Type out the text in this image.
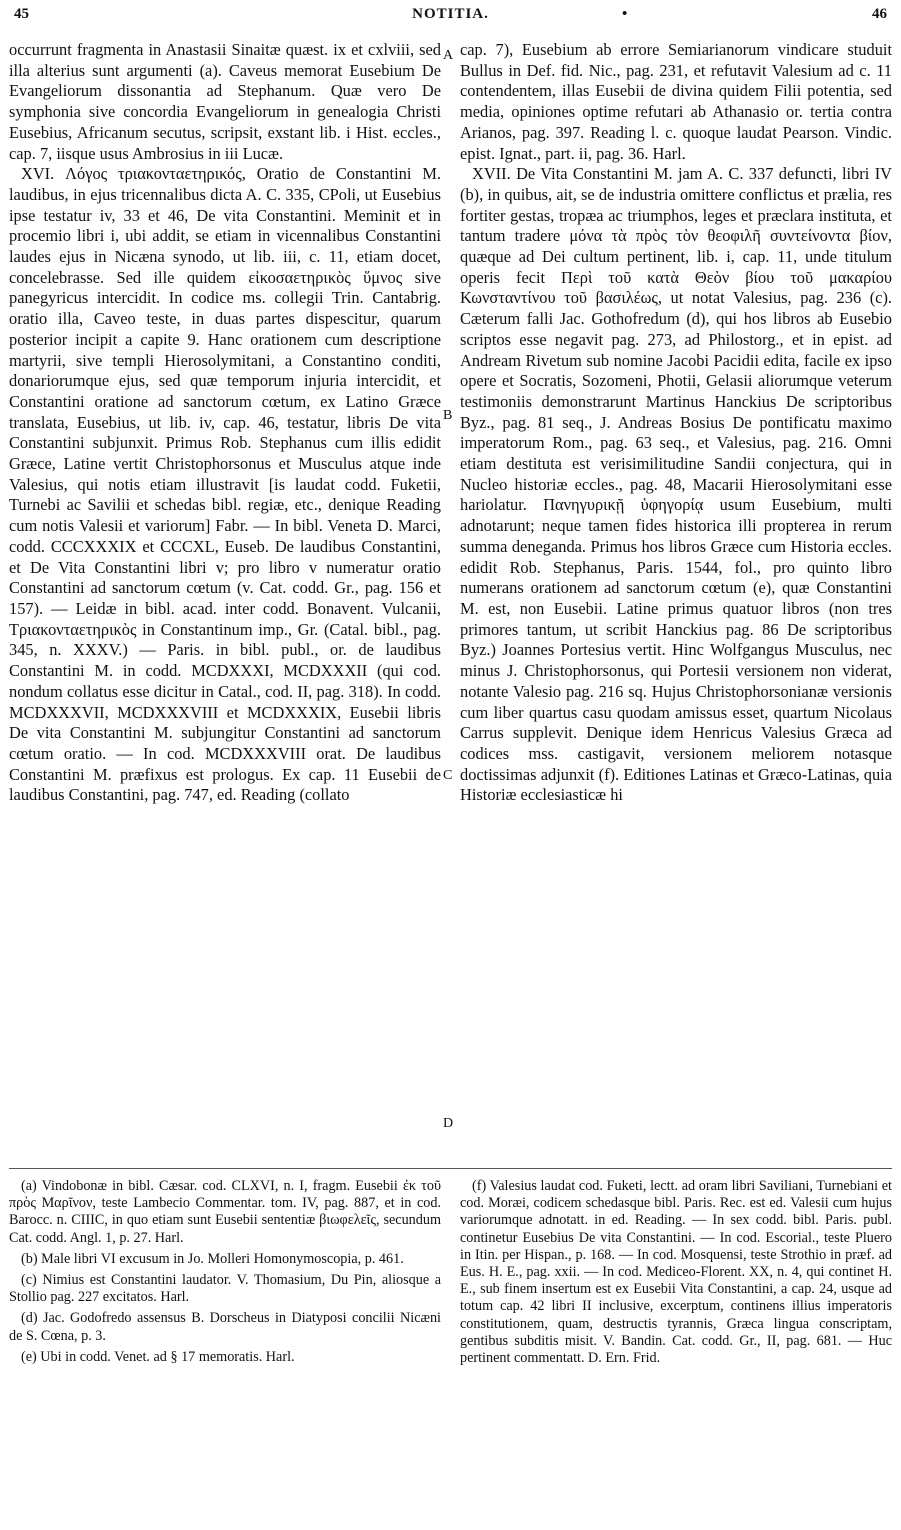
45	NOTITIA.	•	46
A
B
C
D

occurrunt fragmenta in Anastasii Sinaitæ quæst. ix et cxlviii, sed illa alterius sunt argumenti (a). Caveus memorat Eusebium De Evangeliorum dissonantia ad Stephanum. Quæ vero De symphonia sive concordia Evangeliorum in genealogia Christi Eusebius, Africanum secutus, scripsit, exstant lib. i Hist. eccles., cap. 7, iisque usus Ambrosius in iii Lucæ.

XVI. Λόγος τριακονταετηρικός, Oratio de Constantini M. laudibus, in ejus tricennalibus dicta A. C. 335, CPoli, ut Eusebius ipse testatur iv, 33 et 46, De vita Constantini. Meminit et in procemio libri i, ubi addit, se etiam in vicennalibus Constantini laudes ejus in Nicæna synodo, ut lib. iii, c. 11, etiam docet, concelebrasse. Sed ille quidem εἰκοσαετηρικὸς ὕμνος sive panegyricus intercidit. In codice ms. collegii Trin. Cantabrig. oratio illa, Caveo teste, in duas partes dispescitur, quarum posterior incipit a capite 9. Hanc orationem cum descriptione martyrii, sive templi Hierosolymitani, a Constantino conditi, donariorumque ejus, sed quæ temporum injuria intercidit, et Constantini oratione ad sanctorum cœtum, ex Latino Græce translata, Eusebius, ut lib. iv, cap. 46, testatur, libris De vita Constantini subjunxit. Primus Rob. Stephanus cum illis edidit Græce, Latine vertit Christophorsonus et Musculus atque inde Valesius, qui notis etiam illustravit [is laudat codd. Fuketii, Turnebi ac Savilii et schedas bibl. regiæ, etc., denique Reading cum notis Valesii et variorum] Fabr. — In bibl. Veneta D. Marci, codd. CCCXXXIX et CCCXL, Euseb. De laudibus Constantini, et De Vita Constantini libri v; pro libro v numeratur oratio Constantini ad sanctorum cœtum (v. Cat. codd. Gr., pag. 156 et 157). — Leidæ in bibl. acad. inter codd. Bonavent. Vulcanii, Τριακονταετηρικὸς in Constantinum imp., Gr. (Catal. bibl., pag. 345, n. XXXV.) — Paris. in bibl. publ., or. de laudibus Constantini M. in codd. MCDXXXI, MCDXXXII (qui cod. nondum collatus esse dicitur in Catal., cod. II, pag. 318). In codd. MCDXXXVII, MCDXXXVIII et MCDXXXIX, Eusebii libris De vita Constantini M. subjungitur Constantini ad sanctorum cœtum oratio. — In cod. MCDXXXVIII orat. De laudibus Constantini M. præfixus est prologus. Ex cap. 11 Eusebii de laudibus Constantini, pag. 747, ed. Reading (collato

cap. 7), Eusebium ab errore Semiarianorum vindicare studuit Bullus in Def. fid. Nic., pag. 231, et refutavit Valesium ad c. 11 contendentem, illas Eusebii de divina quidem Filii potentia, sed media, opiniones optime refutari ab Athanasio or. tertia contra Arianos, pag. 397. Reading l. c. quoque laudat Pearson. Vindic. epist. Ignat., part. ii, pag. 36. Harl.

XVII. De Vita Constantini M. jam A. C. 337 defuncti, libri IV (b), in quibus, ait, se de industria omittere conflictus et prælia, res fortiter gestas, tropæa ac triumphos, leges et præclara instituta, et tantum tradere μόνα τὰ πρὸς τὸν θεοφιλῆ συντείνοντα βίον, quæque ad Dei cultum pertinent, lib. i, cap. 11, unde titulum operis fecit Περὶ τοῦ κατὰ Θεὸν βίου τοῦ μακαρίου Κωνσταντίνου τοῦ βασιλέως, ut notat Valesius, pag. 236 (c). Cæterum falli Jac. Gothofredum (d), qui hos libros ab Eusebio scriptos esse negavit pag. 273, ad Philostorg., et in epist. ad Andream Rivetum sub nomine Jacobi Pacidii edita, facile ex ipso opere et Socratis, Sozomeni, Photii, Gelasii aliorumque veterum testimoniis demonstrarunt Martinus Hanckius De scriptoribus Byz., pag. 81 seq., J. Andreas Bosius De pontificatu maximo imperatorum Rom., pag. 63 seq., et Valesius, pag. 216. Omni etiam destituta est verisimilitudine Sandii conjectura, qui in Nucleo historiæ eccles., pag. 48, Macarii Hierosolymitani esse hariolatur. Πανηγυρικῇ ὑφηγορίᾳ usum Eusebium, multi adnotarunt; neque tamen fides historica illi propterea in rerum summa deneganda. Primus hos libros Græce cum Historia eccles. edidit Rob. Stephanus, Paris. 1544, fol., pro quinto libro numerans orationem ad sanctorum cœtum (e), quæ Constantini M. est, non Eusebii. Latine primus quatuor libros (non tres primores tantum, ut scribit Hanckius pag. 86 De scriptoribus Byz.) Joannes Portesius vertit. Hinc Wolfgangus Musculus, nec minus J. Christophorsonus, qui Portesii versionem non viderat, notante Valesio pag. 216 sq. Hujus Christophorsonianæ versionis cum liber quartus casu quodam amissus esset, quartum Nicolaus Carrus supplevit. Denique idem Henricus Valesius Græca ad codices mss. castigavit, versionem meliorem notasque doctissimas adjunxit (f). Editiones Latinas et Græco-Latinas, quia Historiæ ecclesiasticæ hi

(a) Vindobonæ in bibl. Cæsar. cod. CLXVI, n. I, fragm. Eusebii ἐκ τοῦ πρὸς Μαρῖνον, teste Lambecio Commentar. tom. IV, pag. 887, et in cod. Barocc. n. CIIIC, in quo etiam sunt Eusebii sententiæ βιωφελεῖς, secundum Cat. codd. Angl. 1, p. 27. Harl.

(b) Male libri VI excusum in Jo. Molleri Homonymoscopia, p. 461.

(c) Nimius est Constantini laudator. V. Thomasium, Du Pin, aliosque a Stollio pag. 227 excitatos. Harl.

(d) Jac. Godofredo assensus B. Dorscheus in Diatyposi concilii Nicæni de S. Cœna, p. 3.

(e) Ubi in codd. Venet. ad § 17 memoratis. Harl.

(f) Valesius laudat cod. Fuketi, lectt. ad oram libri Saviliani, Turnebiani et cod. Moræi, codicem schedasque bibl. Paris. Rec. est ed. Valesii cum hujus variorumque adnotatt. in ed. Reading. — In sex codd. bibl. Paris. publ. continetur Eusebius De vita Constantini. — In cod. Escorial., teste Pluero in Itin. per Hispan., p. 168. — In cod. Mosquensi, teste Strothio in præf. ad Eus. H. E., pag. xxii. — In cod. Mediceo-Florent. XX, n. 4, qui continet H. E., sub finem insertum est ex Eusebii Vita Constantini, a cap. 24, usque ad totum cap. 42 libri II inclusive, excerptum, continens illius imperatoris constitutionem, quam, destructis tyrannis, Græca lingua conscriptam, gentibus subditis misit. V. Bandin. Cat. codd. Gr., II, pag. 681. — Huc pertinent commentatt. D. Ern. Frid.
